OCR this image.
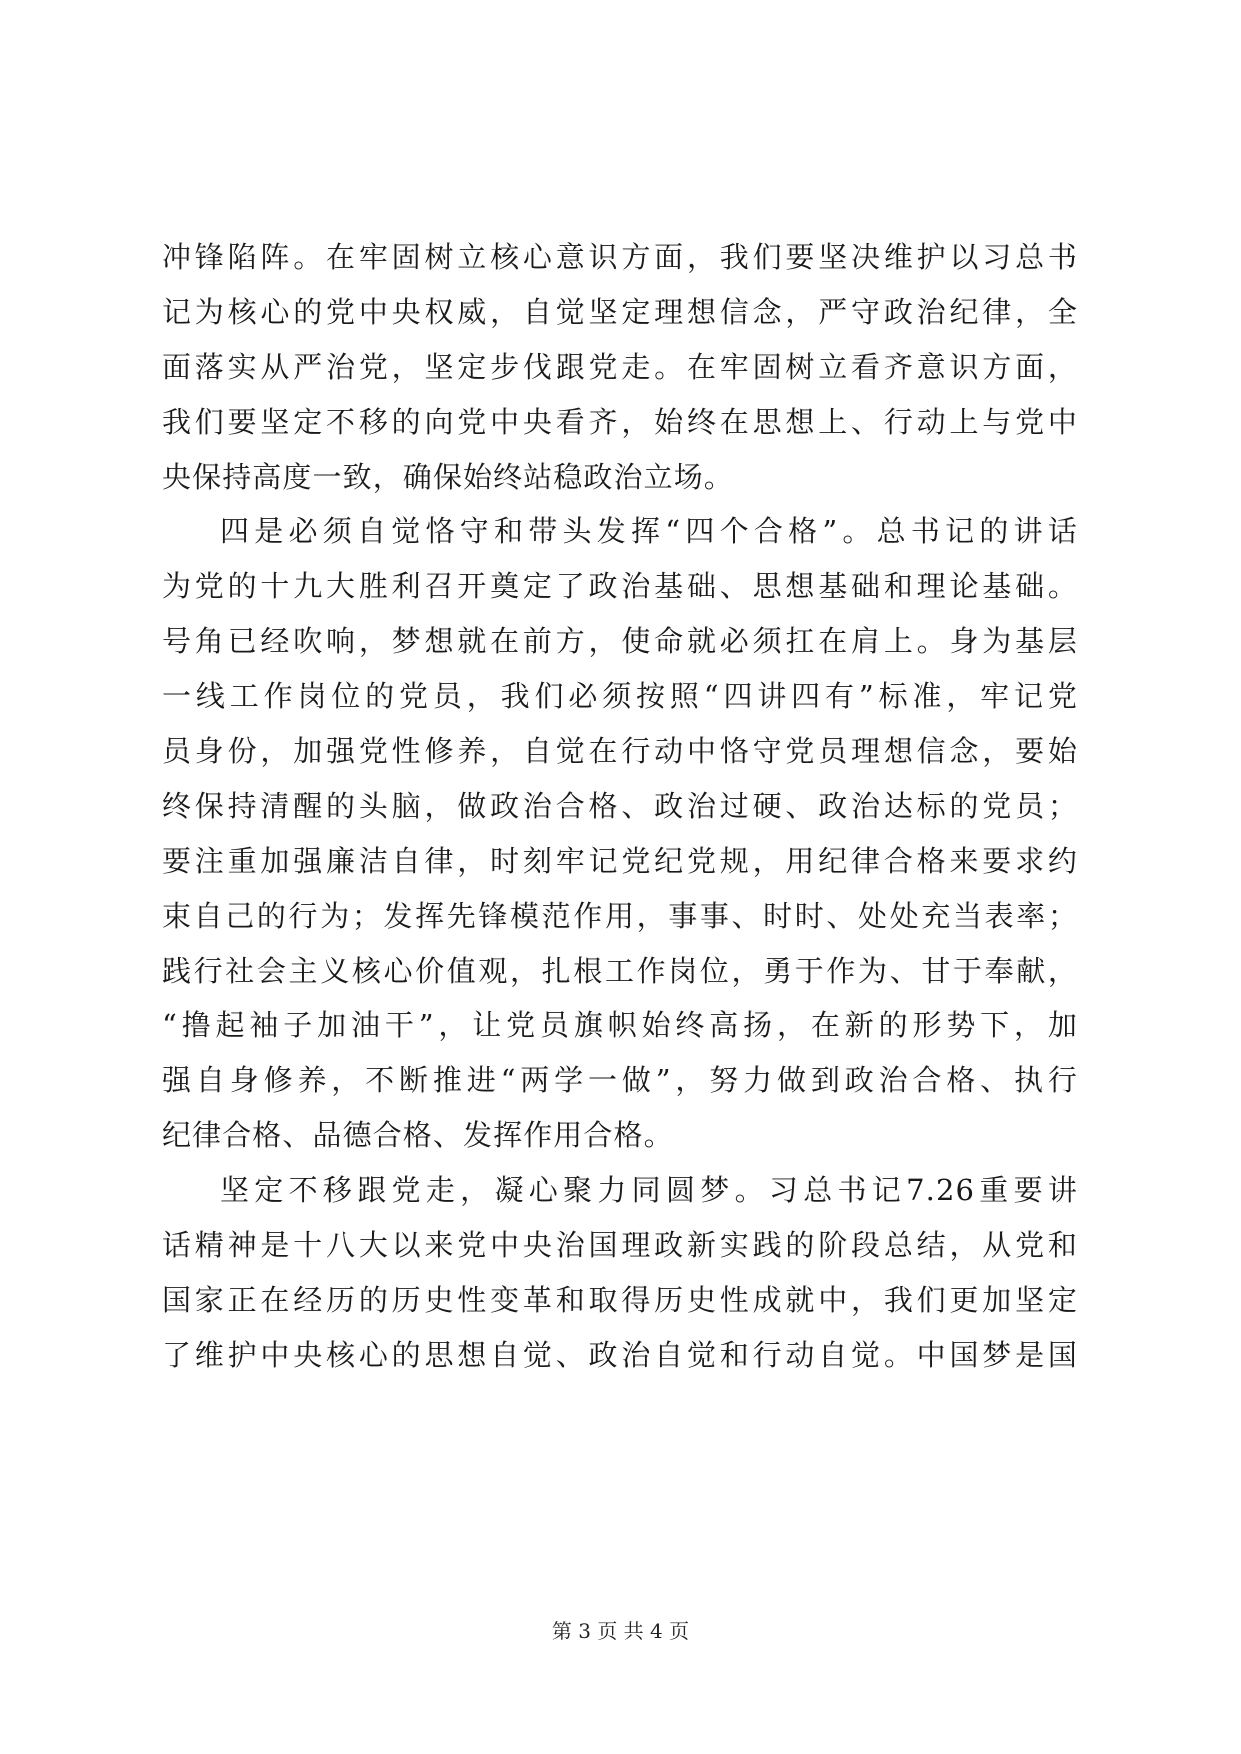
冲锋陷阵。在牢固树立核心意识方面，我们要坚决维护以习总书
记为核心的党中央权威，自觉坚定理想信念，严守政治纪律，全
面落实从严治党，坚定步伐跟党走。在牢固树立看齐意识方面，
我们要坚定不移的向党中央看齐，始终在思想上、行动上与党中
央保持高度一致，确保始终站稳政治立场。
四是必须自觉恪守和带头发挥“四个合格”。总书记的讲话
为党的十九大胜利召开奠定了政治基础、思想基础和理论基础。
号角已经吹响，梦想就在前方，使命就必须扛在肩上。身为基层
一线工作岗位的党员，我们必须按照“四讲四有”标准，牢记党
员身份，加强党性修养，自觉在行动中恪守党员理想信念，要始
终保持清醒的头脑，做政治合格、政治过硬、政治达标的党员；
要注重加强廉洁自律，时刻牢记党纪党规，用纪律合格来要求约
束自己的行为；发挥先锋模范作用，事事、时时、处处充当表率；
践行社会主义核心价值观，扎根工作岗位，勇于作为、甘于奉献，
“撸起袖子加油干”，让党员旗帜始终高扬，在新的形势下，加
强自身修养，不断推进“两学一做”，努力做到政治合格、执行
纪律合格、品德合格、发挥作用合格。
坚定不移跟党走，凝心聚力同圆梦。习总书记7.26重要讲
话精神是十八大以来党中央治国理政新实践的阶段总结，从党和
国家正在经历的历史性变革和取得历史性成就中，我们更加坚定
了维护中央核心的思想自觉、政治自觉和行动自觉。中国梦是国
第 3 页 共 4 页
